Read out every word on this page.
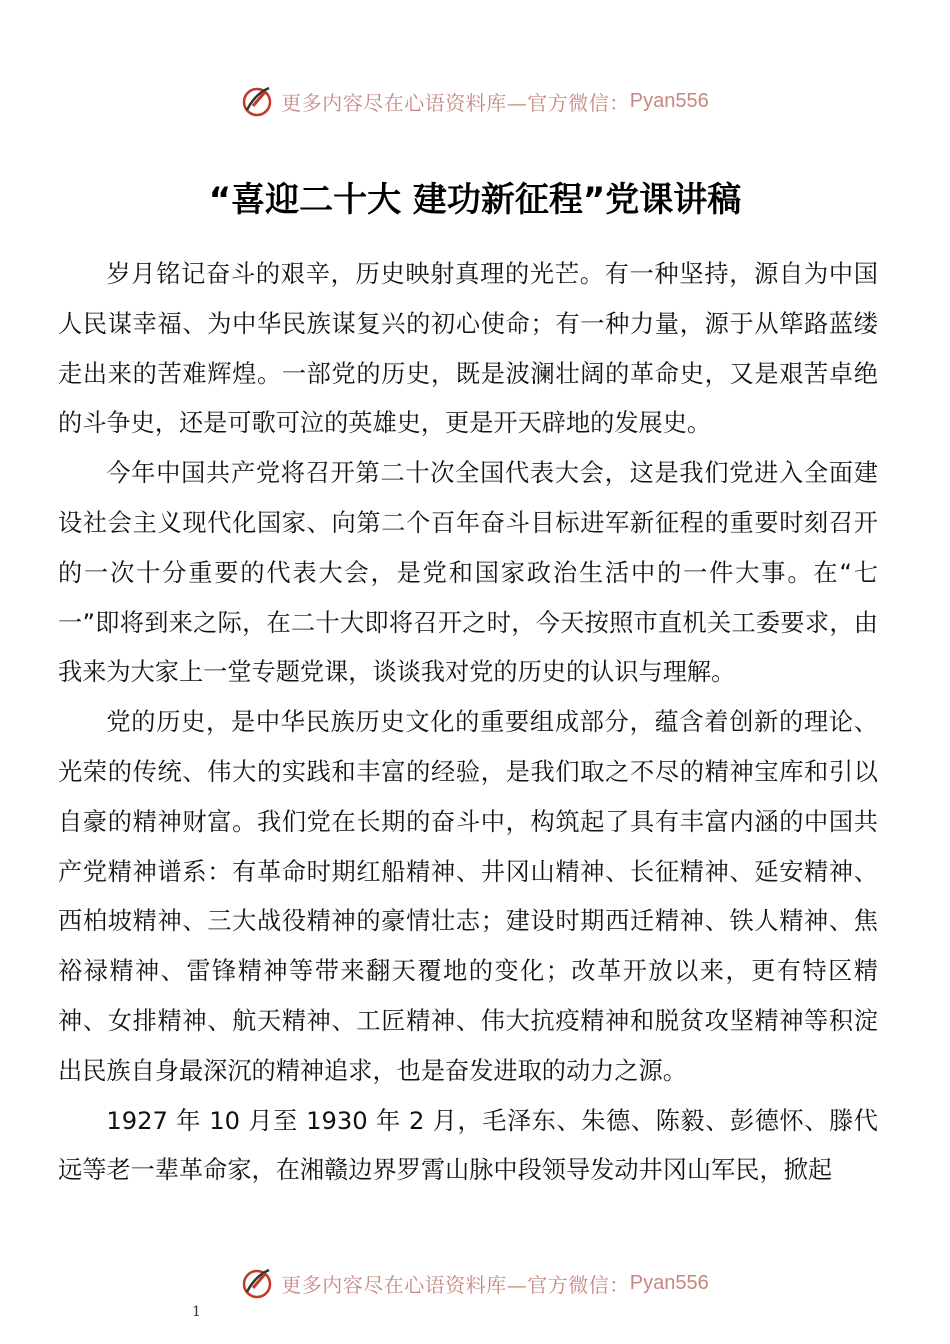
更多内容尽在心语资料库—官方微信： Pyan556
“喜迎二十大 建功新征程”党课讲稿

岁月铭记奋斗的艰辛，历史映射真理的光芒。有一种坚持，源自为中国人民谋幸福、为中华民族谋复兴的初心使命；有一种力量，源于从筚路蓝缕走出来的苦难辉煌。一部党的历史，既是波澜壮阔的革命史，又是艰苦卓绝的斗争史，还是可歌可泣的英雄史，更是开天辟地的发展史。

今年中国共产党将召开第二十次全国代表大会，这是我们党进入全面建设社会主义现代化国家、向第二个百年奋斗目标进军新征程的重要时刻召开的一次十分重要的代表大会，是党和国家政治生活中的一件大事。在“七一”即将到来之际，在二十大即将召开之时，今天按照市直机关工委要求，由我来为大家上一堂专题党课，谈谈我对党的历史的认识与理解。

党的历史，是中华民族历史文化的重要组成部分，蕴含着创新的理论、光荣的传统、伟大的实践和丰富的经验，是我们取之不尽的精神宝库和引以自豪的精神财富。我们党在长期的奋斗中，构筑起了具有丰富内涵的中国共产党精神谱系：有革命时期红船精神、井冈山精神、长征精神、延安精神、西柏坡精神、三大战役精神的豪情壮志；建设时期西迁精神、铁人精神、焦裕禄精神、雷锋精神等带来翻天覆地的变化；改革开放以来，更有特区精神、女排精神、航天精神、工匠精神、伟大抗疫精神和脱贫攻坚精神等积淀出民族自身最深沉的精神追求，也是奋发进取的动力之源。

1927 年 10 月至 1930 年 2 月，毛泽东、朱德、陈毅、彭德怀、滕代远等老一辈革命家，在湘赣边界罗霄山脉中段领导发动井冈山军民，掀起

更多内容尽在心语资料库—官方微信： Pyan556
1
